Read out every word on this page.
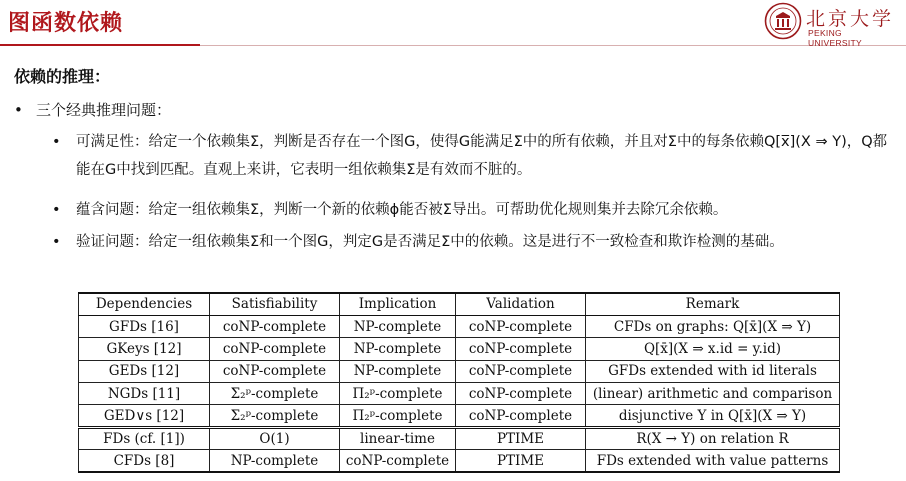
图函数依赖	北京大学
PEKING UNIVERSITY
依赖的推理：
• 三个经典推理问题：
• 可满足性：给定一个依赖集Σ，判断是否存在一个图G，使得G能满足Σ中的所有依赖，并且对Σ中的每条依赖Q[x̅](X ⇒ Y)，Q都能在G中找到匹配。直观上来讲，它表明一组依赖集Σ是有效而不脏的。
• 蕴含问题：给定一组依赖集Σ，判断一个新的依赖ϕ能否被Σ导出。可帮助优化规则集并去除冗余依赖。
• 验证问题：给定一组依赖集Σ和一个图G，判定G是否满足Σ中的依赖。这是进行不一致检查和欺诈检测的基础。
Dependencies	Satisfiability	Implication	Validation	Remark
GFDs [16]	coNP-complete	NP-complete	coNP-complete	CFDs on graphs: Q[x̄](X ⇒ Y)
GKeys [12]	coNP-complete	NP-complete	coNP-complete	Q[x̄](X ⇒ x.id = y.id)
GEDs [12]	coNP-complete	NP-complete	coNP-complete	GFDs extended with id literals
NGDs [11]	Σ₂ᵖ-complete	Π₂ᵖ-complete	coNP-complete	(linear) arithmetic and comparison
GED∨s [12]	Σ₂ᵖ-complete	Π₂ᵖ-complete	coNP-complete	disjunctive Y in Q[x̄](X ⇒ Y)
FDs (cf. [1])	O(1)	linear-time	PTIME	R(X → Y) on relation R
CFDs [8]	NP-complete	coNP-complete	PTIME	FDs extended with value patterns
